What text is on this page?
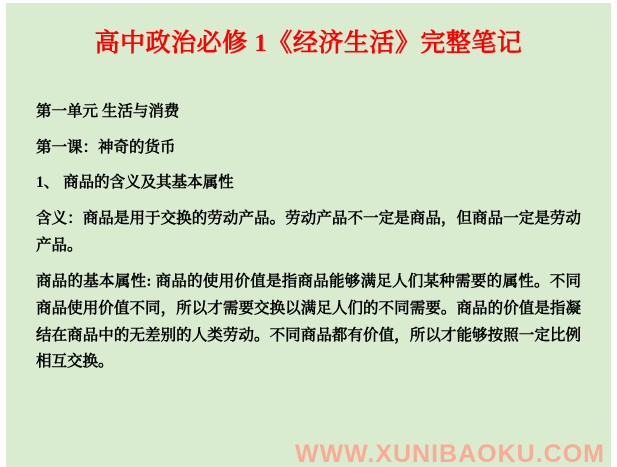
高中政治必修 1《经济生活》完整笔记

第一单元 生活与消费

第一课：神奇的货币

1、 商品的含义及其基本属性

含义：商品是用于交换的劳动产品。劳动产品不一定是商品，但商品一定是劳动产品。

商品的基本属性: 商品的使用价值是指商品能够满足人们某种需要的属性。不同商品使用价值不同，所以才需要交换以满足人们的不同需要。商品的价值是指凝结在商品中的无差别的人类劳动。不同商品都有价值，所以才能够按照一定比例相互交换。

WWW.XUNIBAOKU.COM
